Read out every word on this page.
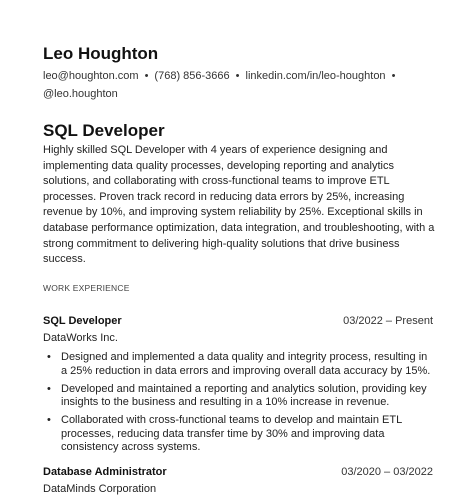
Leo Houghton
leo@houghton.com • (768) 856-3666 • linkedin.com/in/leo-houghton •
@leo.houghton
SQL Developer
Highly skilled SQL Developer with 4 years of experience designing and implementing data quality processes, developing reporting and analytics solutions, and collaborating with cross-functional teams to improve ETL processes. Proven track record in reducing data errors by 25%, increasing revenue by 10%, and improving system reliability by 25%. Exceptional skills in database performance optimization, data integration, and troubleshooting, with a strong commitment to delivering high-quality solutions that drive business success.
WORK EXPERIENCE
SQL Developer	03/2022 – Present
DataWorks Inc.
• Designed and implemented a data quality and integrity process, resulting in a 25% reduction in data errors and improving overall data accuracy by 15%.
• Developed and maintained a reporting and analytics solution, providing key insights to the business and resulting in a 10% increase in revenue.
• Collaborated with cross-functional teams to develop and maintain ETL processes, reducing data transfer time by 30% and improving data consistency across systems.
Database Administrator	03/2020 – 03/2022
DataMinds Corporation
